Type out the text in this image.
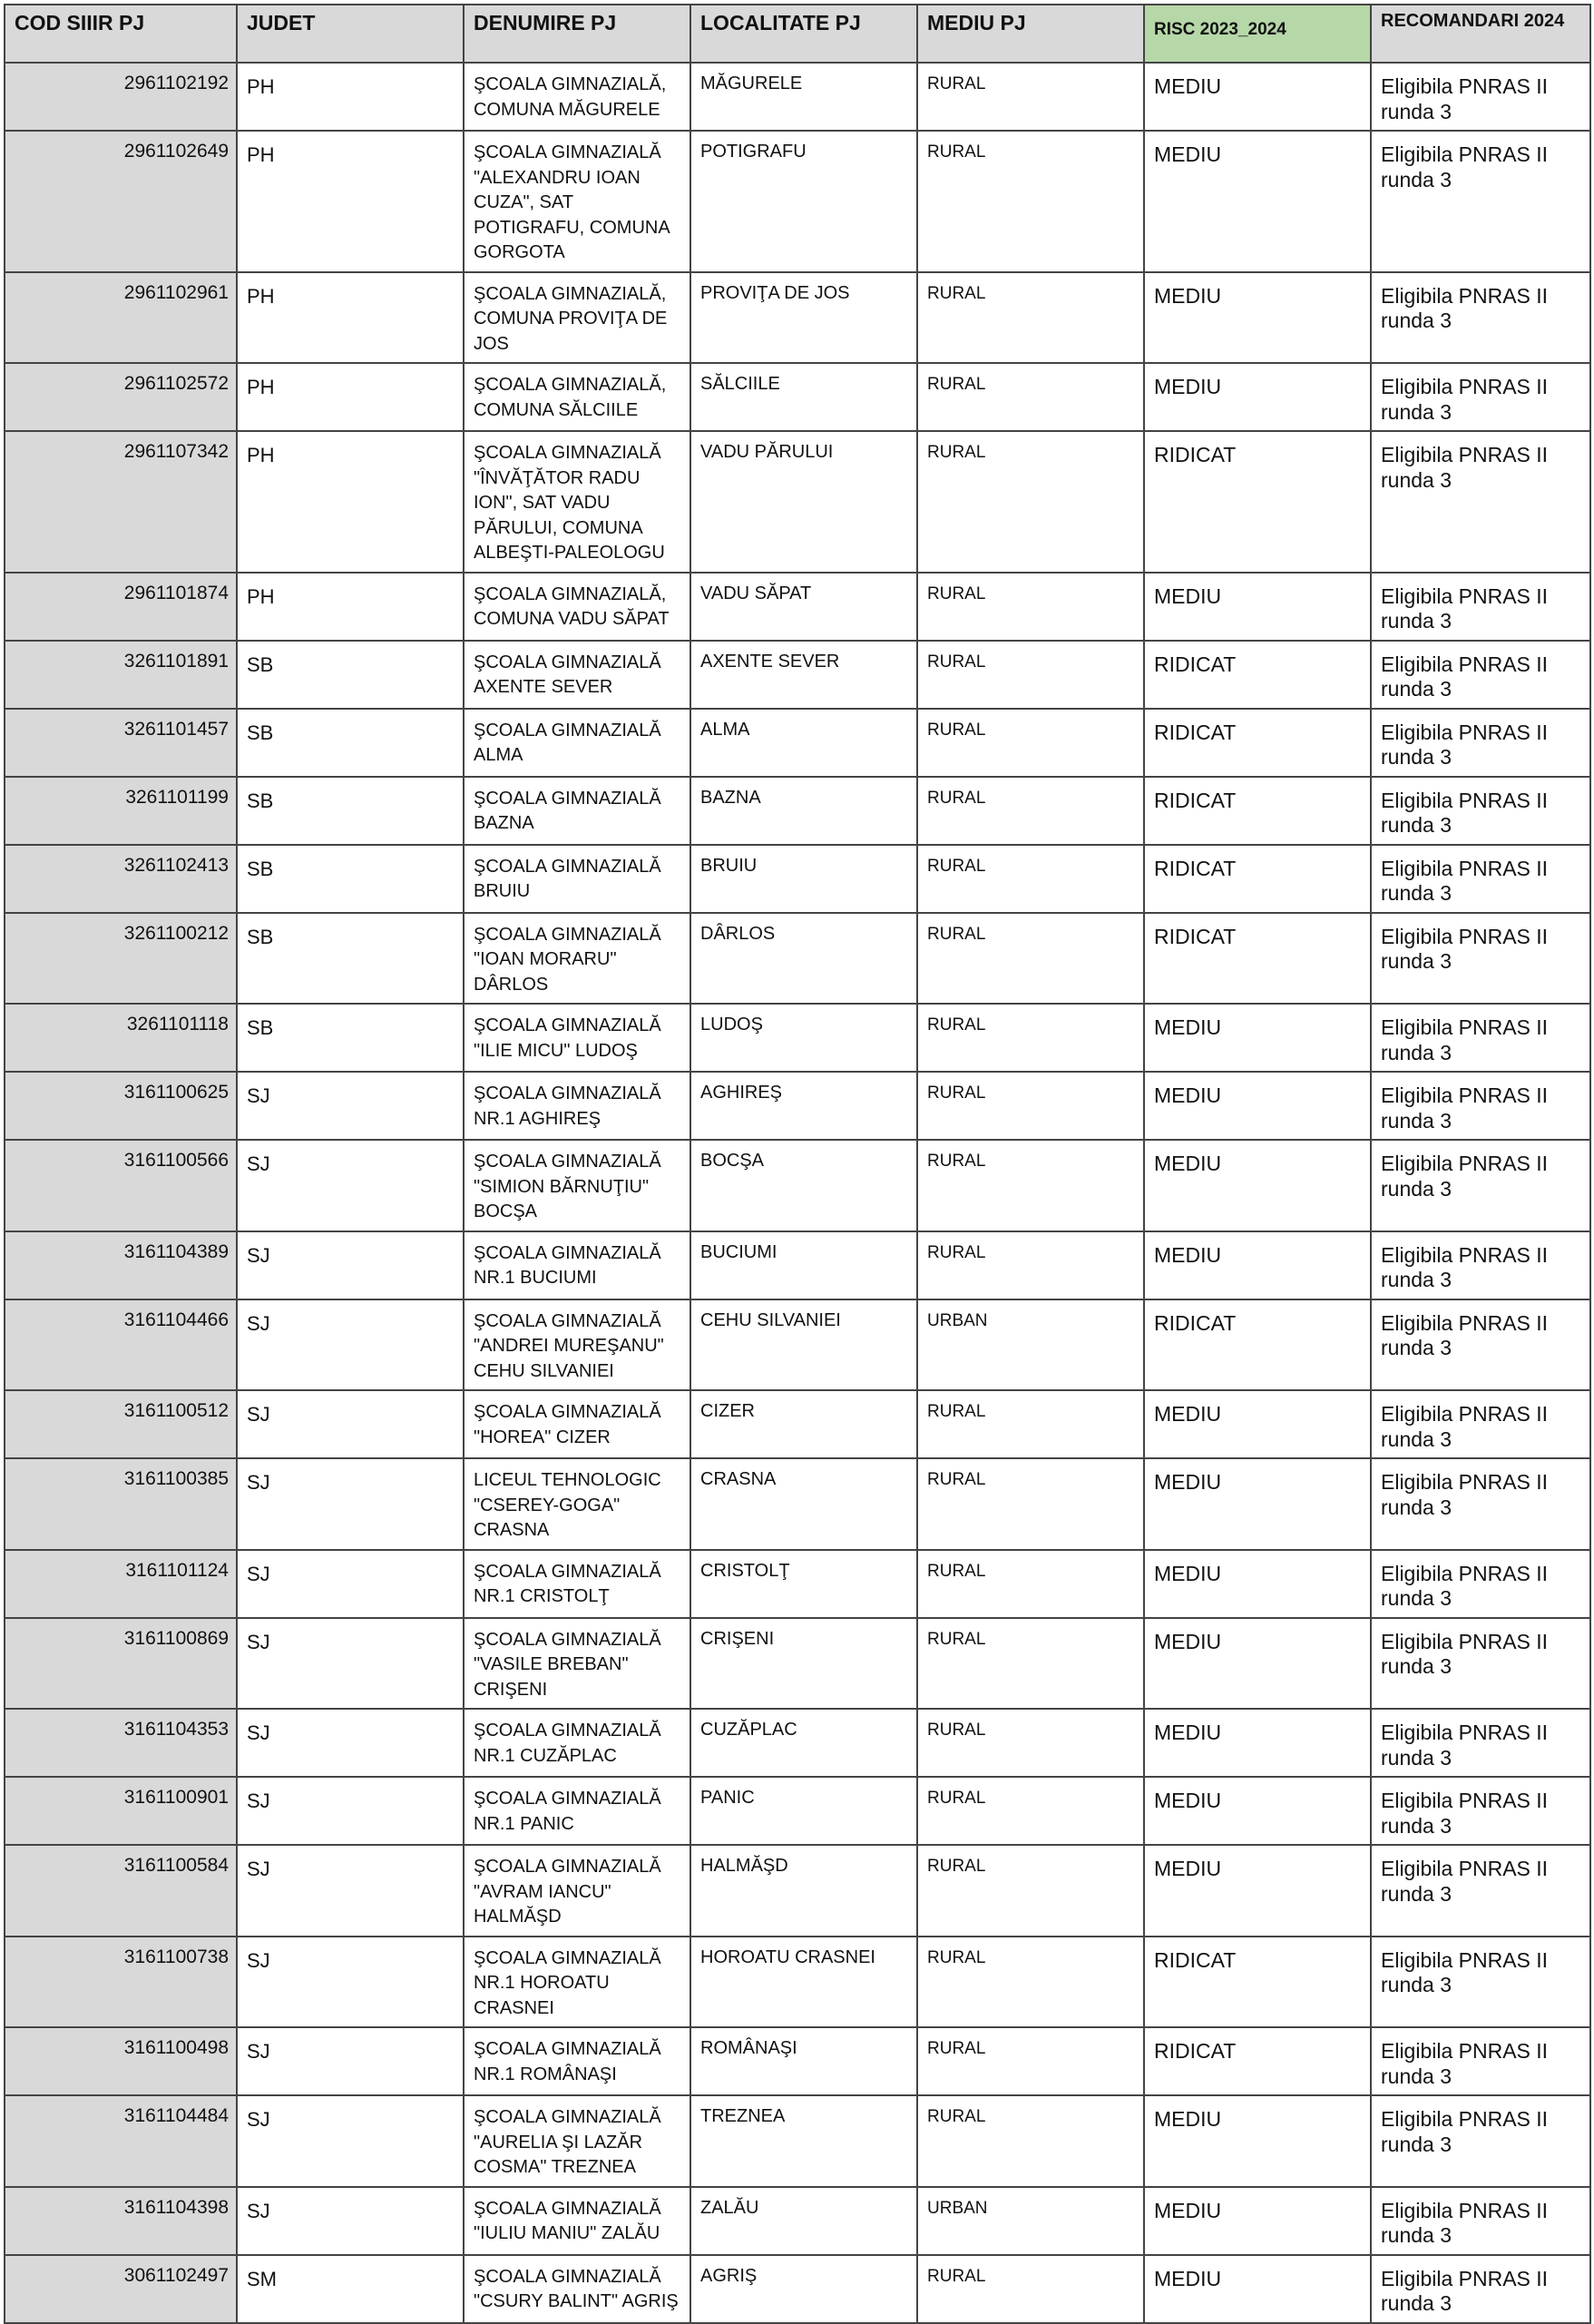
COD SIIIR PJ	JUDET	DENUMIRE PJ	LOCALITATE PJ	MEDIU PJ	RISC 2023_2024	RECOMANDARI 2024
2961102192	PH	ŞCOALA GIMNAZIALĂ, COMUNA MĂGURELE	MĂGURELE	RURAL	MEDIU	Eligibila PNRAS II runda 3
2961102649	PH	ŞCOALA GIMNAZIALĂ "ALEXANDRU IOAN CUZA", SAT POTIGRAFU, COMUNA GORGOTA	POTIGRAFU	RURAL	MEDIU	Eligibila PNRAS II runda 3
2961102961	PH	ŞCOALA GIMNAZIALĂ, COMUNA PROVIŢA DE JOS	PROVIŢA DE JOS	RURAL	MEDIU	Eligibila PNRAS II runda 3
2961102572	PH	ŞCOALA GIMNAZIALĂ, COMUNA SĂLCIILE	SĂLCIILE	RURAL	MEDIU	Eligibila PNRAS II runda 3
2961107342	PH	ŞCOALA GIMNAZIALĂ "ÎNVĂŢĂTOR RADU ION", SAT VADU PĂRULUI, COMUNA ALBEŞTI-PALEOLOGU	VADU PĂRULUI	RURAL	RIDICAT	Eligibila PNRAS II runda 3
2961101874	PH	ŞCOALA GIMNAZIALĂ, COMUNA VADU SĂPAT	VADU SĂPAT	RURAL	MEDIU	Eligibila PNRAS II runda 3
3261101891	SB	ŞCOALA GIMNAZIALĂ AXENTE SEVER	AXENTE SEVER	RURAL	RIDICAT	Eligibila PNRAS II runda 3
3261101457	SB	ŞCOALA GIMNAZIALĂ ALMA	ALMA	RURAL	RIDICAT	Eligibila PNRAS II runda 3
3261101199	SB	ŞCOALA GIMNAZIALĂ BAZNA	BAZNA	RURAL	RIDICAT	Eligibila PNRAS II runda 3
3261102413	SB	ŞCOALA GIMNAZIALĂ BRUIU	BRUIU	RURAL	RIDICAT	Eligibila PNRAS II runda 3
3261100212	SB	ŞCOALA GIMNAZIALĂ "IOAN MORARU" DÂRLOS	DÂRLOS	RURAL	RIDICAT	Eligibila PNRAS II runda 3
3261101118	SB	ŞCOALA GIMNAZIALĂ "ILIE MICU" LUDOŞ	LUDOŞ	RURAL	MEDIU	Eligibila PNRAS II runda 3
3161100625	SJ	ŞCOALA GIMNAZIALĂ NR.1 AGHIREŞ	AGHIREŞ	RURAL	MEDIU	Eligibila PNRAS II runda 3
3161100566	SJ	ŞCOALA GIMNAZIALĂ "SIMION BĂRNUŢIU" BOCŞA	BOCŞA	RURAL	MEDIU	Eligibila PNRAS II runda 3
3161104389	SJ	ŞCOALA GIMNAZIALĂ NR.1 BUCIUMI	BUCIUMI	RURAL	MEDIU	Eligibila PNRAS II runda 3
3161104466	SJ	ŞCOALA GIMNAZIALĂ "ANDREI MUREŞANU" CEHU SILVANIEI	CEHU SILVANIEI	URBAN	RIDICAT	Eligibila PNRAS II runda 3
3161100512	SJ	ŞCOALA GIMNAZIALĂ "HOREA" CIZER	CIZER	RURAL	MEDIU	Eligibila PNRAS II runda 3
3161100385	SJ	LICEUL TEHNOLOGIC "CSEREY-GOGA" CRASNA	CRASNA	RURAL	MEDIU	Eligibila PNRAS II runda 3
3161101124	SJ	ŞCOALA GIMNAZIALĂ NR.1 CRISTOLŢ	CRISTOLŢ	RURAL	MEDIU	Eligibila PNRAS II runda 3
3161100869	SJ	ŞCOALA GIMNAZIALĂ "VASILE BREBAN" CRIŞENI	CRIŞENI	RURAL	MEDIU	Eligibila PNRAS II runda 3
3161104353	SJ	ŞCOALA GIMNAZIALĂ NR.1 CUZĂPLAC	CUZĂPLAC	RURAL	MEDIU	Eligibila PNRAS II runda 3
3161100901	SJ	ŞCOALA GIMNAZIALĂ NR.1 PANIC	PANIC	RURAL	MEDIU	Eligibila PNRAS II runda 3
3161100584	SJ	ŞCOALA GIMNAZIALĂ "AVRAM IANCU" HALMĂŞD	HALMĂŞD	RURAL	MEDIU	Eligibila PNRAS II runda 3
3161100738	SJ	ŞCOALA GIMNAZIALĂ NR.1 HOROATU CRASNEI	HOROATU CRASNEI	RURAL	RIDICAT	Eligibila PNRAS II runda 3
3161100498	SJ	ŞCOALA GIMNAZIALĂ NR.1 ROMÂNAŞI	ROMÂNAŞI	RURAL	RIDICAT	Eligibila PNRAS II runda 3
3161104484	SJ	ŞCOALA GIMNAZIALĂ "AURELIA ŞI LAZĂR COSMA" TREZNEA	TREZNEA	RURAL	MEDIU	Eligibila PNRAS II runda 3
3161104398	SJ	ŞCOALA GIMNAZIALĂ "IULIU MANIU" ZALĂU	ZALĂU	URBAN	MEDIU	Eligibila PNRAS II runda 3
3061102497	SM	ŞCOALA GIMNAZIALĂ "CSURY BALINT" AGRIŞ	AGRIŞ	RURAL	MEDIU	Eligibila PNRAS II runda 3
